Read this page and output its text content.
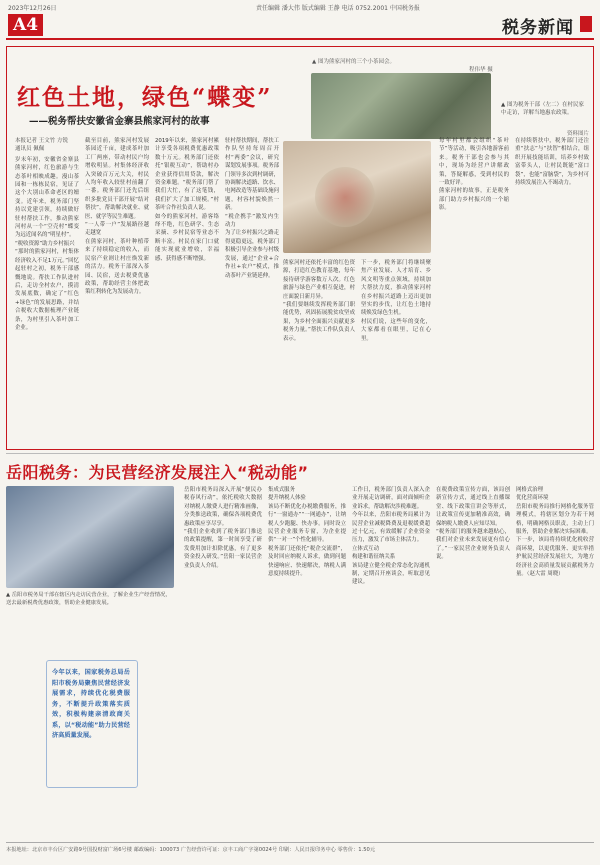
2023年12月26日	责任编辑 潘大伟 版式编辑 王静 电话 0752.2001 中国税务报
A4	税务新闻
▲ 图为熊家河村的三个小茶园会。
程伟华 摄
红色土地，绿色“蝶变”
——税务帮扶安徽省金寨县熊家河村的故事
▲ 图为税务干部（左二）在村民家中走访，详解当地惠农政策。
资料图片
本报记者 王文竹 方锐
通讯员 佩佩
岁末年初，安徽省金寨县熊家河村，红色旅游与生态茶叶相映成趣。漫山茶园和一栋栋民宿，见证了这个大别山革命老区的嬗变。近年来，税务部门坚持以党建引领，持续做好驻村帮扶工作，推动熊家河村从一个“空壳村”蝶变为远近闻名的“明星村”。
“税收资源”助力乡村振兴
“那时的熊家河村，村集体经济收入不足1万元。”回忆起驻村之初，税务干部感慨地说。帮扶工作队进村后，走访全村农户，摸清发展底数，确定了“红色+绿色”的发展思路，并结合税收大数据梳理产业链条，为村里引入茶叶加工企业。
截至目前，熊家河村发展茶园近千亩，建成茶叶加工厂两座，带动村民户均增收明显。村集体经济收入突破百万元大关，村民人均年收入较驻村前翻了一番。税务部门还先后组织多批党员干部开展“结对帮扶”，帮助解决就业、就医、就学等民生难题。
“一人带一户”发展路径越走越宽
在熊家河村，茶叶种植带来了持续稳定的收入，而民宿产业则让村庄焕发新的活力。税务干部深入茶园、民宿，送去税费优惠政策，帮助经营主体把政策红利转化为发展动力。
2019年以来，熊家河村累计享受各项税费优惠政策数十万元。税务部门还依托“银税互动”，帮助村办企业获得信用贷款，解决资金难题。“税务部门帮了我们大忙，有了这笔钱，我们扩大了加工规模。”村茶叶合作社负责人说。
如今的熊家河村，游客络绎不绝，红色研学、生态采摘、乡村民宿等业态不断丰富。村民在家门口就能实现就业增收，幸福感、获得感不断增强。
驻村帮扶期间，帮扶工作队坚持每周召开村“两委”会议，研究谋划发展事项。税务部门领导多次到村调研，协调解决道路、饮水、电网改造等基础设施问题，村容村貌焕然一新。
“税企携手”激发内生动力
为了让乡村振兴之路走得更稳更远，税务部门积极引导企业参与村级发展，通过“企业+合作社+农户”模式，推动茶叶产业链延伸。
熊家河村还依托丰富的红色资源，打造红色教育基地，每年接待研学游客数万人次。红色旅游与绿色产业相互促进，村庄面貌日新月异。
“我们要继续发挥税务部门职能优势，巩固拓展脱贫攻坚成果，为乡村全面振兴贡献更多税务力量。”帮扶工作队负责人表示。
下一步，税务部门将继续聚焦产业发展、人才培育、乡风文明等重点领域，持续加大帮扶力度，推动熊家河村在乡村振兴道路上迈出更加坚实的步伐，让红色土地持续焕发绿色生机。
村民们说，这些年的变化，大家都看在眼里，记在心里。
每年村里都会组织“茶叶节”等活动，吸引各地游客前来。税务干部也会参与其中，现场为经营户讲解政策，答疑解惑，受到村民的一致好评。
熊家河村的故事，正是税务部门助力乡村振兴的一个缩影。
在持续帮扶中，税务部门还注重“扶志”与“扶智”相结合，组织开展技能培训，培养乡村致富带头人，让村民既能“富口袋”，也能“富脑袋”，为乡村可持续发展注入不竭动力。
岳阳税务：为民营经济发展注入“税动能”
▲ 岳阳市税务局干部在辖区内走访民营企业，了解企业生产经营情况，送去最新税费优惠政策，帮助企业健康发展。
今年以来，国家税务总局岳阳市税务局聚焦民营经济发展需求，持续优化税费服务，不断提升政策落实质效，积极构建亲清政商关系，以“税动能”助力民营经济高质量发展。
岳阳市税务局深入开展“便民办税春风行动”，依托税收大数据对纳税人缴费人进行精准画像，分类推送政策，确保各项税费优惠政策应享尽享。
“我们企业收到了税务部门推送的政策提醒，第一时间享受了研发费用加计扣除优惠，有了更多资金投入研发。”岳阳一家民营企业负责人介绍。
集成式服务
提升纳税人体验
该局不断优化办税缴费服务，推行“一窗通办”“一网通办”，让纳税人少跑腿、快办事。同时设立民营企业服务专窗，为企业提供“一对一”个性化辅导。
税务部门还依托“税企交流群”，及时回应纳税人诉求，做到问题快速响应、快速解决，纳税人满意度持续提升。
工作日，税务部门负责人深入企业开展走访调研，面对面倾听企业诉求，帮助解决涉税难题。
今年以来，岳阳市税务局累计为民营企业减税降费及退税缓费超过十亿元，有效缓解了企业资金压力，激发了市场主体活力。
立体式互动
构建和谐征纳关系
该局建立健全税企常态化沟通机制，定期召开座谈会，听取意见建议。
在税费政策宣传方面，该局创新宣传方式，通过线上直播课堂、线下政策宣讲会等形式，让政策宣传更加精准高效，确保纳税人缴费人应知尽知。
“税务部门的服务越来越贴心，我们对企业未来发展更有信心了。”一家民营企业财务负责人说。
网格式治理
优化营商环境
岳阳市税务局推行网格化服务管理模式，将辖区划分为若干网格，明确网格员职责，主动上门服务，帮助企业解决实际困难。
下一步，该局将持续优化税收营商环境，以更优服务、更实举措护航民营经济发展壮大，为地方经济社会高质量发展贡献税务力量。（赵大雷 周晓）
本报地址：北京市丰台区广安路9号国投财富广场6号楼 邮政编码：100073 广告经营许可证：京丰工商广字第0024号 印刷：人民日报印务中心 零售价：1.50元
